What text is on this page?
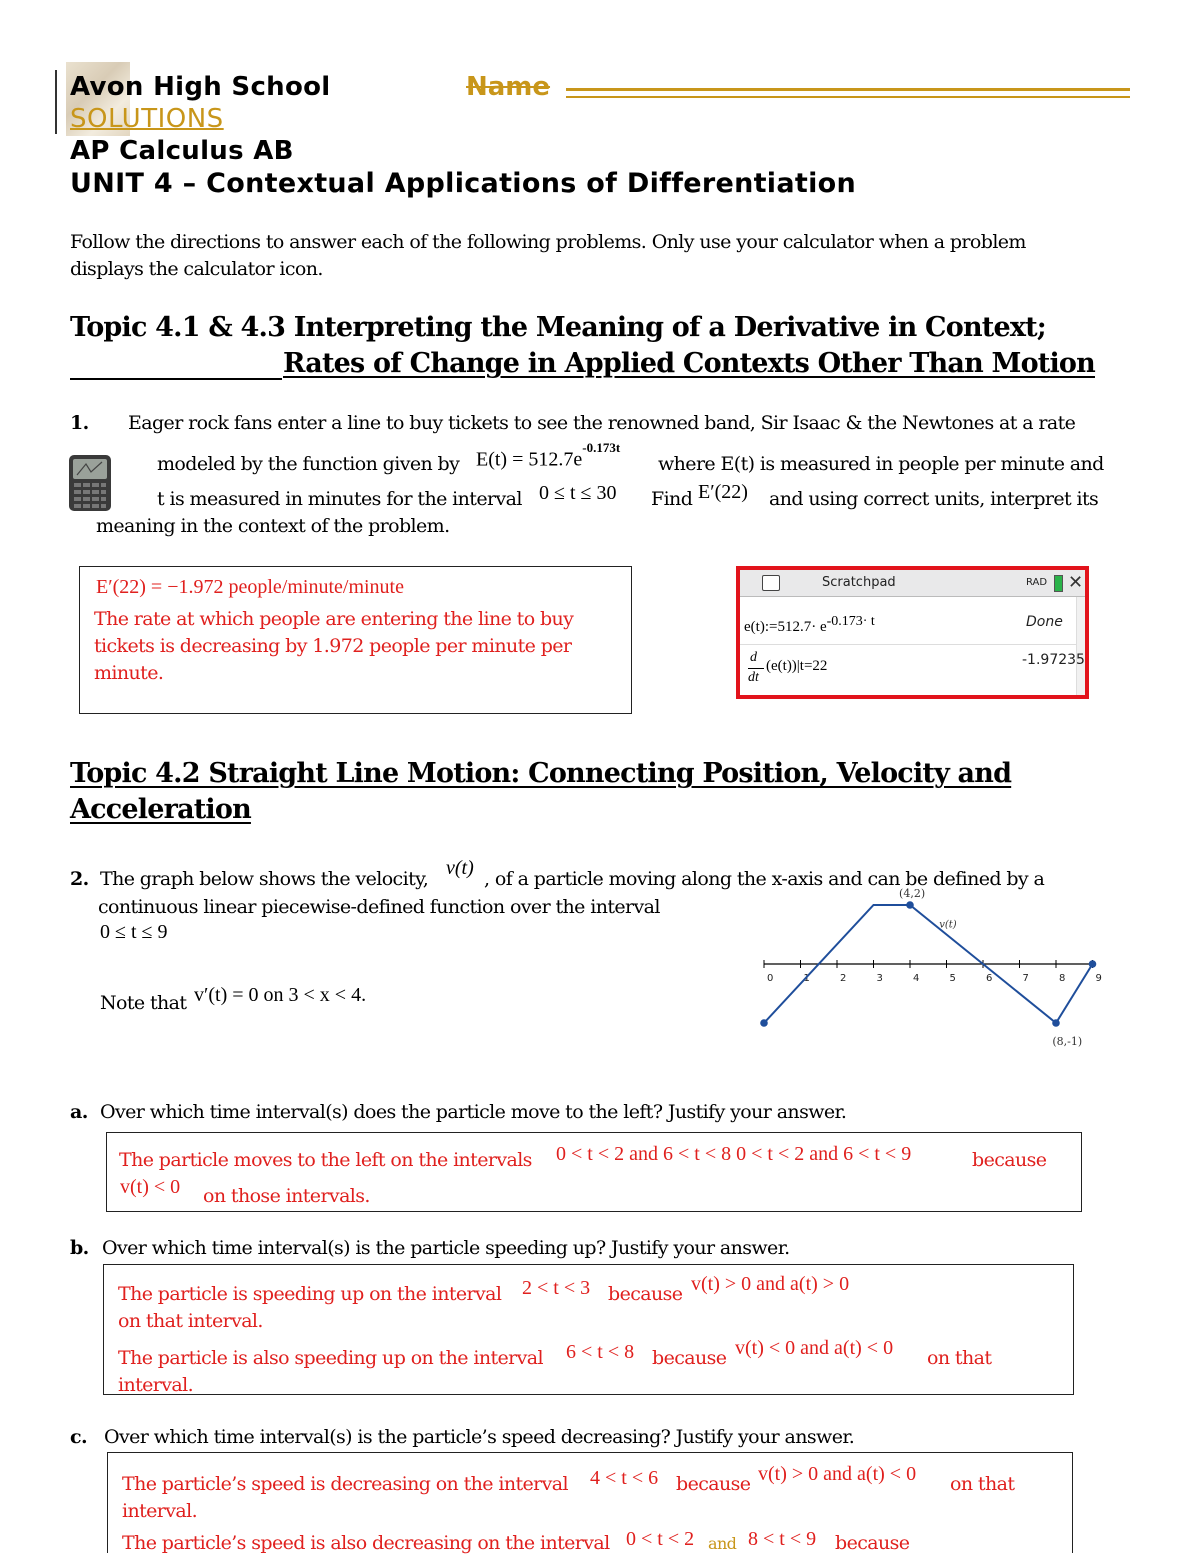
Avon High School	Name
SOLUTIONS
AP Calculus AB
UNIT 4 – Contextual Applications of Differentiation
Follow the directions to answer each of the following problems. Only use your calculator when a problem
displays the calculator icon.
Topic 4.1 & 4.3 Interpreting the Meaning of a Derivative in Context;
Rates of Change in Applied Contexts Other Than Motion
1. Eager rock fans enter a line to buy tickets to see the renowned band, Sir Isaac & the Newtones at a rate
modeled by the function given by $E(t) = 512.7e^{-0.173t}$
where E(t) is measured in people per minute and
t is measured in minutes for the interval 0 ≤ t ≤ 30 Find E′(22) and using correct units, interpret its
meaning in the context of the problem.
E′(22) = −1.972 people/minute/minute
The rate at which people are entering the line to buy
tickets is decreasing by 1.972 people per minute per
minute.
Scratchpad	RAD ✕
e(t):=512.7· $e^{-0.173\cdot t}$	Done
d
dt
(e(t))|t=22	-1.97235
Topic 4.2 Straight Line Motion: Connecting Position, Velocity and
Acceleration
2. The graph below shows the velocity, v(t) , of a particle moving along the x-axis and can be defined by a
continuous linear piecewise-defined function over the interval
0 ≤ t ≤ 9
Note that v′(t) = 0 on 3 < x < 4.
0	1	2	3	4	5	6	7	8	9
(4,2)
v(t)
(8,-1)
a. Over which time interval(s) does the particle move to the left? Justify your answer.
The particle moves to the left on the intervals 0 < t < 2 and 6 < t < 8 0 < t < 2 and 6 < t < 9	because
v(t) < 0 on those intervals.
b. Over which time interval(s) is the particle speeding up? Justify your answer.
The particle is speeding up on the interval 2 < t < 3 because v(t) > 0 and a(t) > 0
on that interval.
The particle is also speeding up on the interval 6 < t < 8 because v(t) < 0 and a(t) < 0 on that
interval.
c. Over which time interval(s) is the particle’s speed decreasing? Justify your answer.
The particle’s speed is decreasing on the interval 4 < t < 6 because v(t) > 0 and a(t) < 0 on that
interval.
The particle’s speed is also decreasing on the interval 0 < t < 2 and 8 < t < 9 because
